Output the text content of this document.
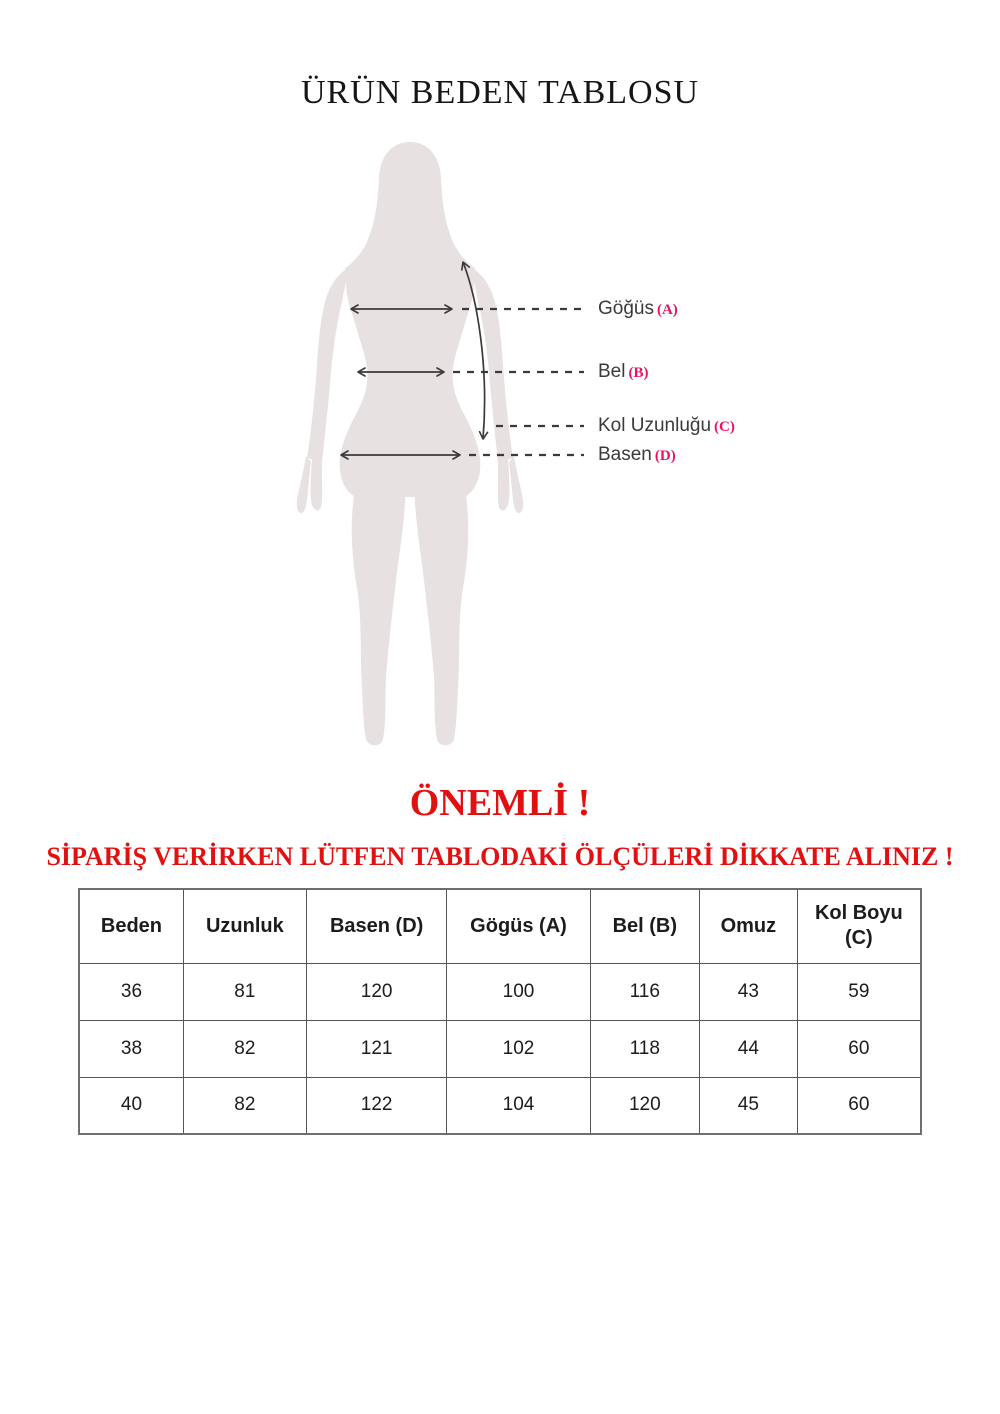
ÜRÜN BEDEN TABLOSU
Göğüs (A)
Bel (B)
Kol Uzunluğu (C)
Basen (D)
ÖNEMLİ !

SİPARİŞ VERİRKEN LÜTFEN TABLODAKİ ÖLÇÜLERİ DİKKATE ALINIZ !

Beden	Uzunluk	Basen (D)	Gögüs (A)	Bel (B)	Omuz	Kol Boyu (C)
36	81	120	100	116	43	59
38	82	121	102	118	44	60
40	82	122	104	120	45	60
